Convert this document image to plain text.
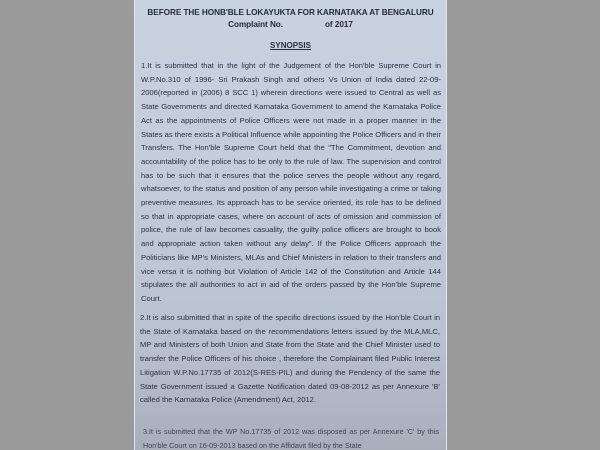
BEFORE THE HONB'BLE LOKAYUKTA FOR KARNATAKA AT BENGALURU
Complaint No.	of 2017
SYNOPSIS
1.It is submitted that in the light of the Judgement of the Hon'ble Supreme Court in W.P.No.310 of 1996- Sri Prakash Singh and others Vs Union of India dated 22-09-2006(reported in (2006) 8 SCC 1) wherein directions were issued to Central as well as State Governments and directed Karnataka Government to amend the Karnataka Police Act as the appointments of Police Officers were not made in a proper manner in the States as there exists a Political Influence while appointing the Police Officers and in their Transfers. The Hon'ble Supreme Court held that the "The Commitment, devotion and accountability of the police has to be only to the rule of law. The supervision and control has to be such that it ensures that the police serves the people without any regard, whatsoever, to the status and position of any person while investigating a crime or taking preventive measures. Its approach has to be service oriented, its role has to be defined so that in appropriate cases, where on account of acts of omission and commission of police, the rule of law becomes casuality, the guilty police officers are brought to book and appropriate action taken without any delay". If the Police Officers approach the Politicians like MP's Ministers, MLAs and Chief Ministers in relation to their transfers and vice versa it is nothing but Violation of Article 142 of the Constitution and Article 144 stipulates the all authorities to act in aid of the orders passed by the Hon'ble Supreme Court.
2.It is also submitted that in spite of the specific directions issued by the Hon'ble Court in the State of Karnataka based on the recommendations letters issued by the MLA,MLC, MP and Ministers of both Union and State from the State and the Chief Minister used to transfer the Police Officers of his choice , therefore the Complainant filed Public Interest Litigation W.P.No.17735 of 2012(S-RES-PIL) and during the Pendency of the same the State Government issued a Gazette Notification dated 09-08-2012 as per Annexure 'B' called the Karnataka Police (Amendment) Act, 2012.
3.It is submitted that the WP No.17735 of 2012 was disposed as per Annexure 'C' by this Hon'ble Court on 16-09-2013 based on the Affidavit filed by the State
